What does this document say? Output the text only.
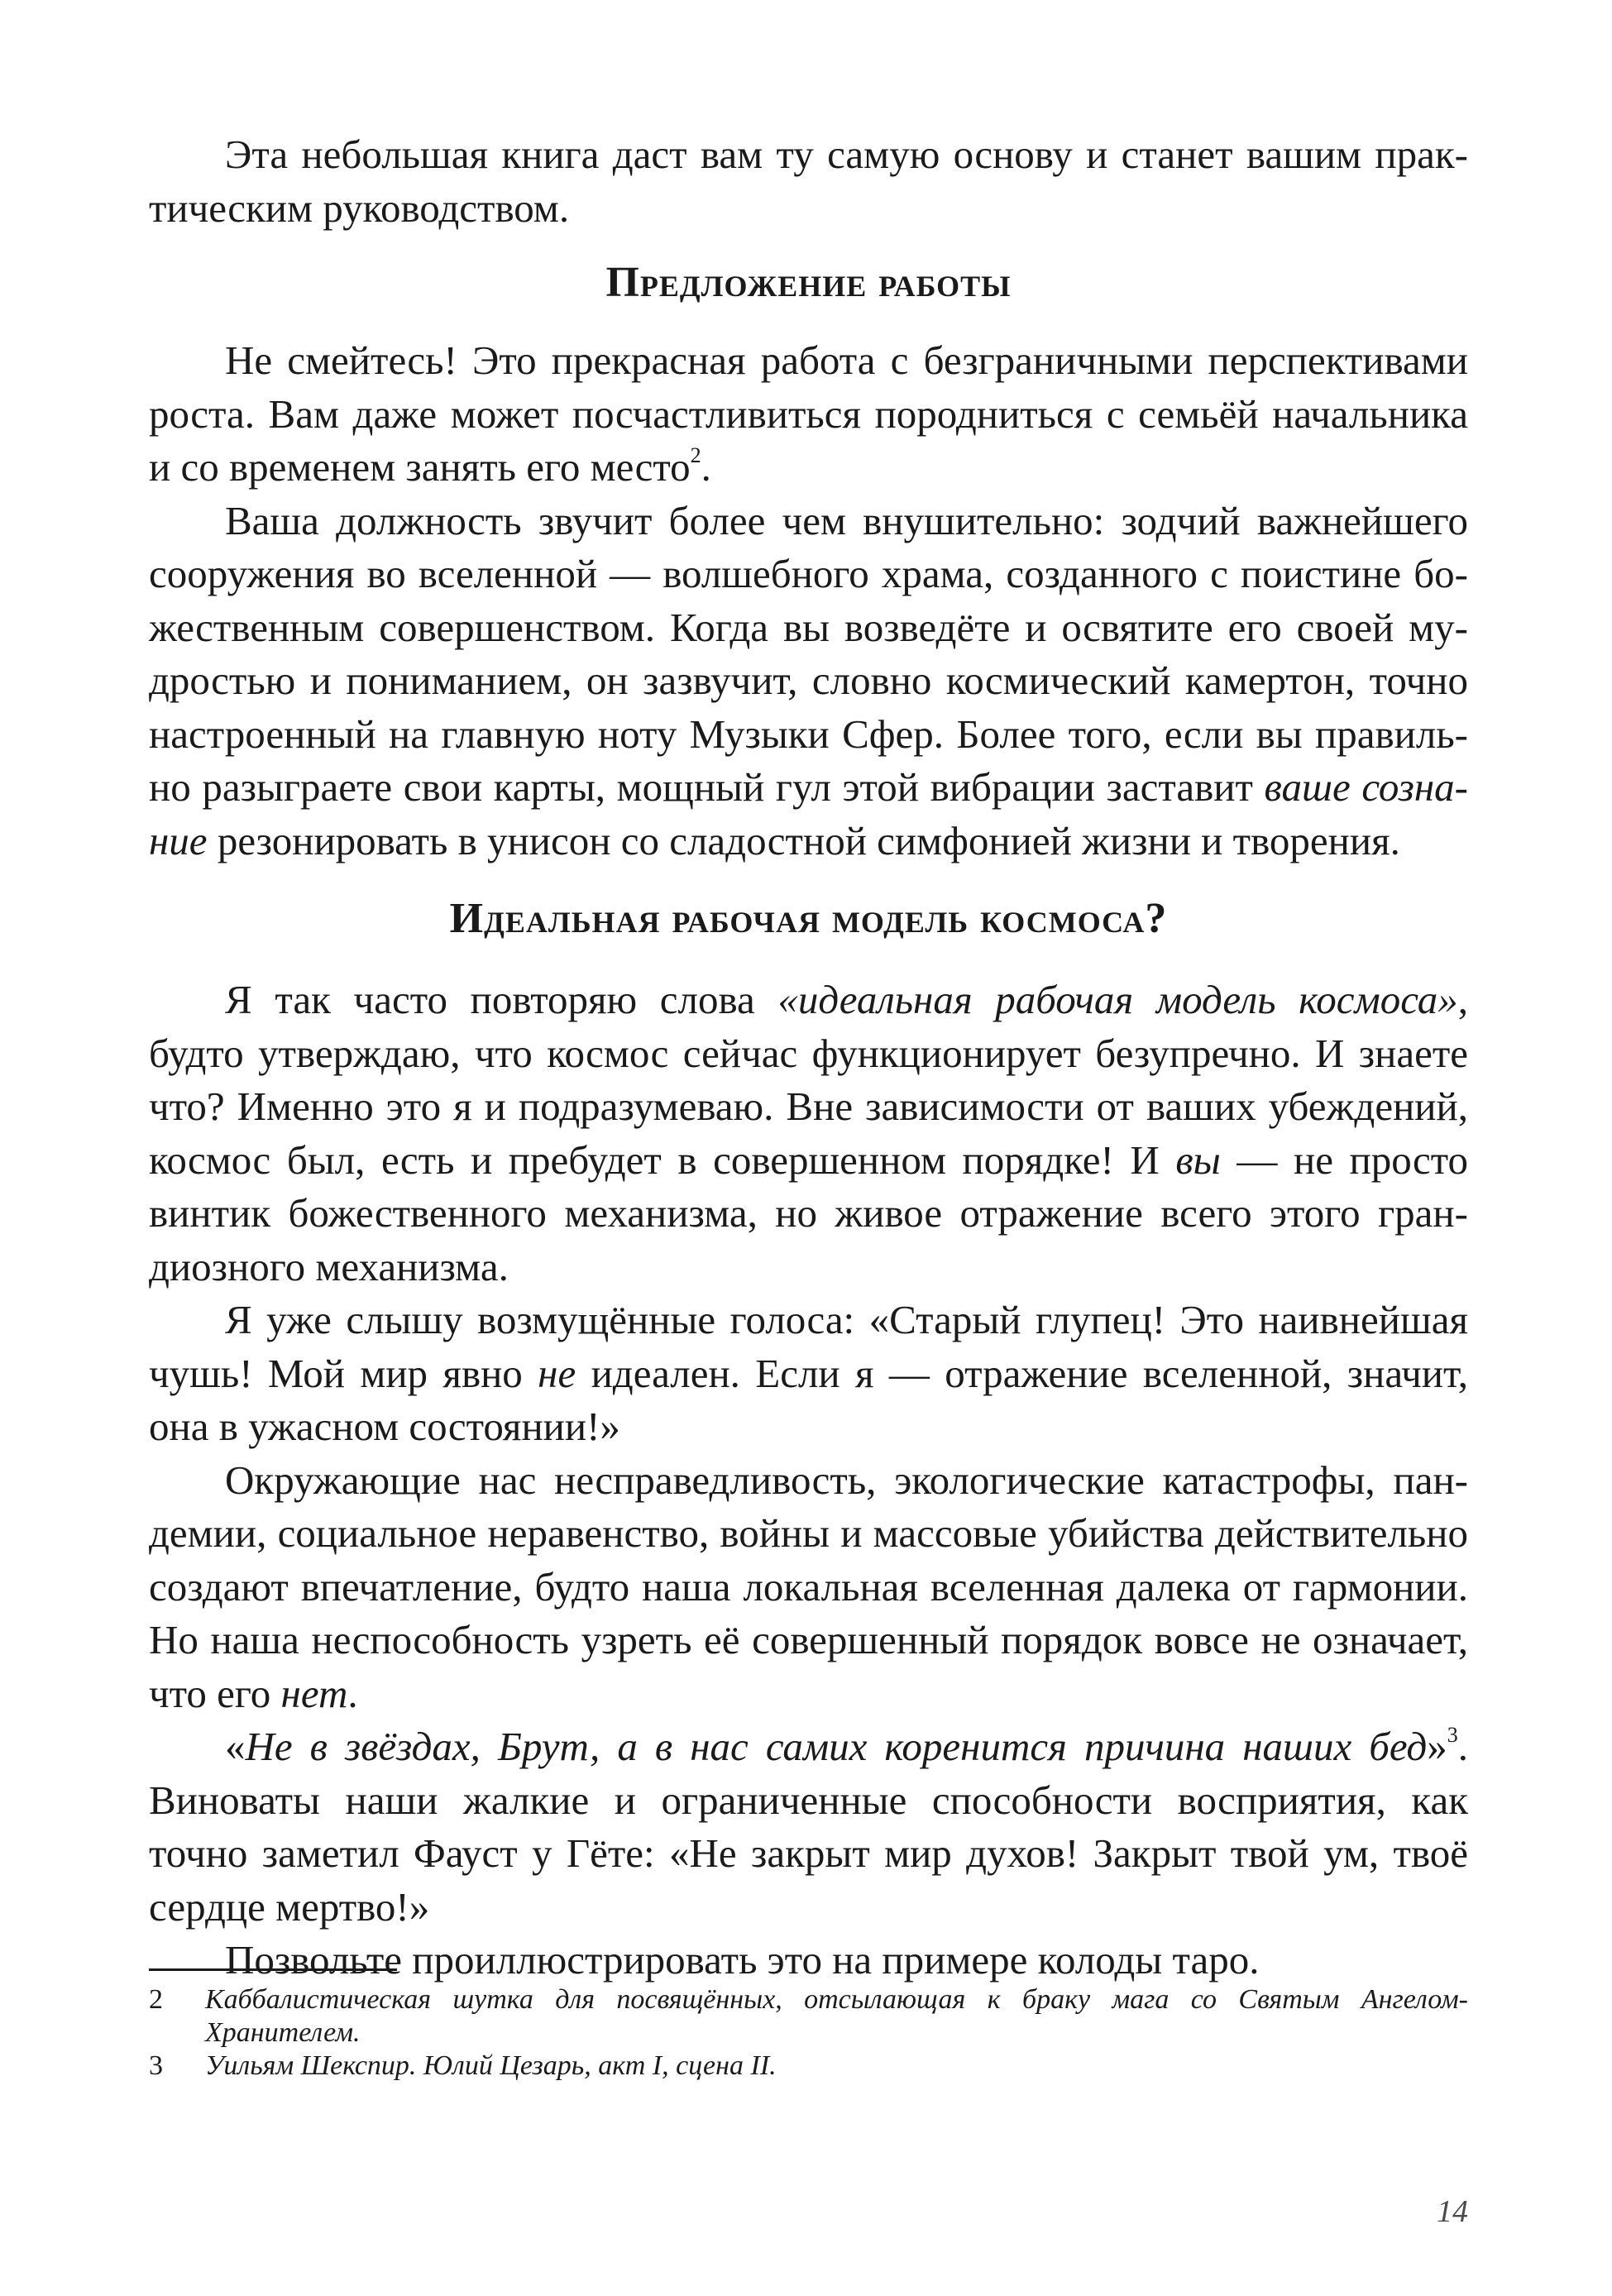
Эта небольшая книга даст вам ту самую основу и станет вашим практическим руководством.

Предложение работы

Не смейтесь! Это прекрасная работа с безграничными перспективами роста. Вам даже может посчастливиться породниться с семьёй начальника и со временем занять его место$^2$.

Ваша должность звучит более чем внушительно: зодчий важнейшего сооружения во вселенной — волшебного храма, созданного с поистине божественным совершенством. Когда вы возведёте и освятите его своей мудростью и пониманием, он зазвучит, словно космический камертон, точно настроенный на главную ноту Музыки Сфер. Более того, если вы правильно разыграете свои карты, мощный гул этой вибрации заставит ваше сознание резонировать в унисон со сладостной симфонией жизни и творения.

Идеальная рабочая модель космоса?

Я так часто повторяю слова «идеальная рабочая модель космоса», будто утверждаю, что космос сейчас функционирует безупречно. И знаете что? Именно это я и подразумеваю. Вне зависимости от ваших убеждений, космос был, есть и пребудет в совершенном порядке! И вы — не просто винтик божественного механизма, но живое отражение всего этого грандиозного механизма.

Я уже слышу возмущённые голоса: «Старый глупец! Это наивнейшая чушь! Мой мир явно не идеален. Если я — отражение вселенной, значит, она в ужасном состоянии!»

Окружающие нас несправедливость, экологические катастрофы, пандемии, социальное неравенство, войны и массовые убийства действительно создают впечатление, будто наша локальная вселенная далека от гармонии. Но наша неспособность узреть её совершенный порядок вовсе не означает, что его нет.

«Не в звёздах, Брут, а в нас самих коренится причина наших бед»$^3$. Виноваты наши жалкие и ограниченные способности восприятия, как точно заметил Фауст у Гёте: «Не закрыт мир духов! Закрыт твой ум, твоё сердце мертво!»

Позвольте проиллюстрировать это на примере колоды таро.

2	Каббалистическая шутка для посвящённых, отсылающая к браку мага со Святым Ангелом-Хранителем.
3	Уильям Шекспир. Юлий Цезарь, акт I, сцена II.
14
